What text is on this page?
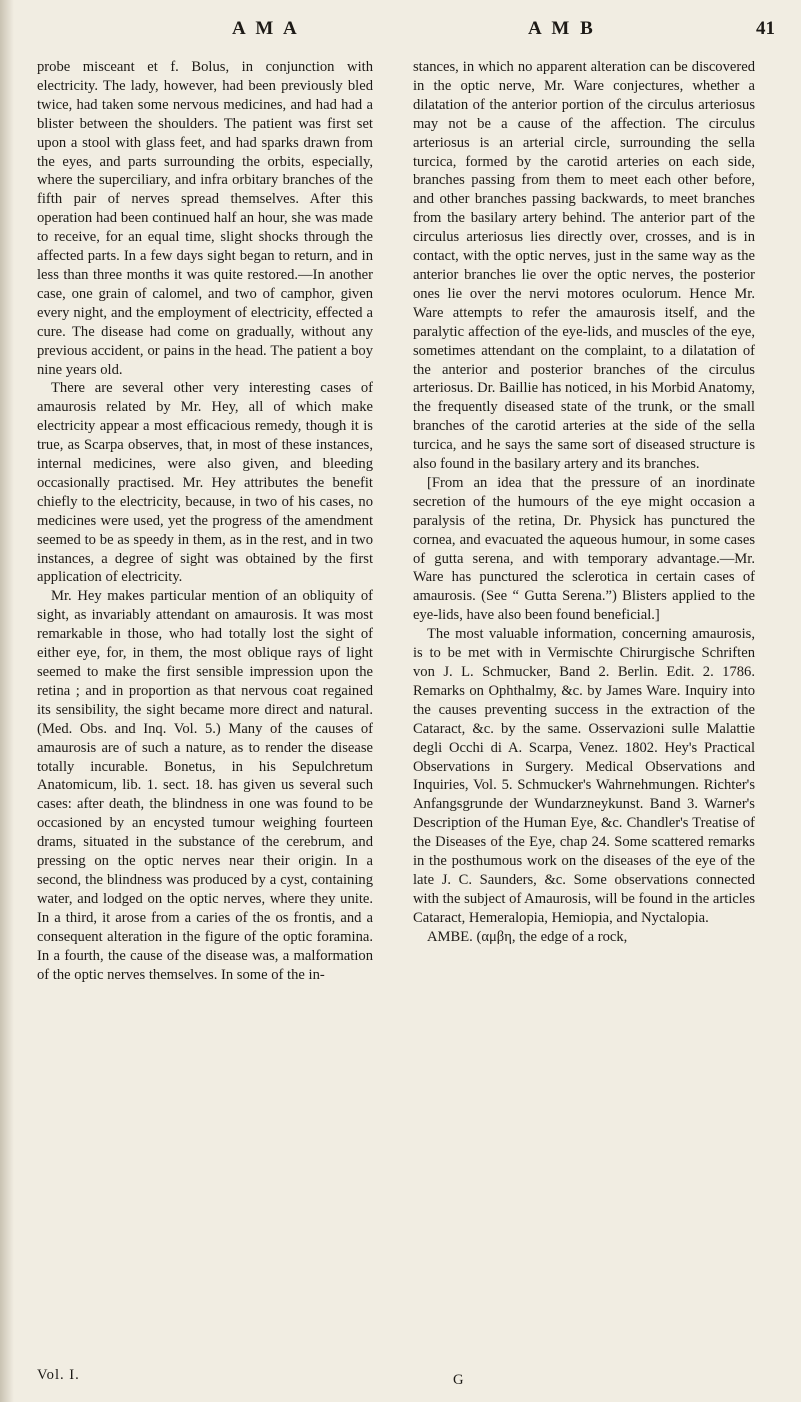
A M A	A M B	41

probe misceant et f. Bolus, in conjunction with electricity. The lady, however, had been previously bled twice, had taken some nervous medicines, and had had a blister between the shoulders. The patient was first set upon a stool with glass feet, and had sparks drawn from the eyes, and parts surrounding the orbits, especially, where the superciliary, and infra orbitary branches of the fifth pair of nerves spread themselves. After this operation had been continued half an hour, she was made to receive, for an equal time, slight shocks through the affected parts. In a few days sight began to return, and in less than three months it was quite restored.—In another case, one grain of calomel, and two of camphor, given every night, and the employment of electricity, effected a cure. The disease had come on gradually, without any previous accident, or pains in the head. The patient a boy nine years old.

There are several other very interesting cases of amaurosis related by Mr. Hey, all of which make electricity appear a most efficacious remedy, though it is true, as Scarpa observes, that, in most of these instances, internal medicines, were also given, and bleeding occasionally practised. Mr. Hey attributes the benefit chiefly to the electricity, because, in two of his cases, no medicines were used, yet the progress of the amendment seemed to be as speedy in them, as in the rest, and in two instances, a degree of sight was obtained by the first application of electricity.

Mr. Hey makes particular mention of an obliquity of sight, as invariably attendant on amaurosis. It was most remarkable in those, who had totally lost the sight of either eye, for, in them, the most oblique rays of light seemed to make the first sensible impression upon the retina ; and in proportion as that nervous coat regained its sensibility, the sight became more direct and natural. (Med. Obs. and Inq. Vol. 5.) Many of the causes of amaurosis are of such a nature, as to render the disease totally incurable. Bonetus, in his Sepulchretum Anatomicum, lib. 1. sect. 18. has given us several such cases: after death, the blindness in one was found to be occasioned by an encysted tumour weighing fourteen drams, situated in the substance of the cerebrum, and pressing on the optic nerves near their origin. In a second, the blindness was produced by a cyst, containing water, and lodged on the optic nerves, where they unite. In a third, it arose from a caries of the os frontis, and a consequent alteration in the figure of the optic foramina. In a fourth, the cause of the disease was, a malformation of the optic nerves themselves. In some of the in-

stances, in which no apparent alteration can be discovered in the optic nerve, Mr. Ware conjectures, whether a dilatation of the anterior portion of the circulus arteriosus may not be a cause of the affection. The circulus arteriosus is an arterial circle, surrounding the sella turcica, formed by the carotid arteries on each side, branches passing from them to meet each other before, and other branches passing backwards, to meet branches from the basilary artery behind. The anterior part of the circulus arteriosus lies directly over, crosses, and is in contact, with the optic nerves, just in the same way as the anterior branches lie over the optic nerves, the posterior ones lie over the nervi motores oculorum. Hence Mr. Ware attempts to refer the amaurosis itself, and the paralytic affection of the eye-lids, and muscles of the eye, sometimes attendant on the complaint, to a dilatation of the anterior and posterior branches of the circulus arteriosus. Dr. Baillie has noticed, in his Morbid Anatomy, the frequently diseased state of the trunk, or the small branches of the carotid arteries at the side of the sella turcica, and he says the same sort of diseased structure is also found in the basilary artery and its branches.

[From an idea that the pressure of an inordinate secretion of the humours of the eye might occasion a paralysis of the retina, Dr. Physick has punctured the cornea, and evacuated the aqueous humour, in some cases of gutta serena, and with temporary advantage.—Mr. Ware has punctured the sclerotica in certain cases of amaurosis. (See “ Gutta Serena.”) Blisters applied to the eye-lids, have also been found beneficial.]

The most valuable information, concerning amaurosis, is to be met with in Vermischte Chirurgische Schriften von J. L. Schmucker, Band 2. Berlin. Edit. 2. 1786. Remarks on Ophthalmy, &c. by James Ware. Inquiry into the causes preventing success in the extraction of the Cataract, &c. by the same. Osservazioni sulle Malattie degli Occhi di A. Scarpa, Venez. 1802. Hey's Practical Observations in Surgery. Medical Observations and Inquiries, Vol. 5. Schmucker's Wahrnehmungen. Richter's Anfangsgrunde der Wundarzneykunst. Band 3. Warner's Description of the Human Eye, &c. Chandler's Treatise of the Diseases of the Eye, chap 24. Some scattered remarks in the posthumous work on the diseases of the eye of the late J. C. Saunders, &c. Some observations connected with the subject of Amaurosis, will be found in the articles Cataract, Hemeralopia, Hemiopia, and Nyctalopia.

AMBE. (αμβη, the edge of a rock,

Vol. I.	G
